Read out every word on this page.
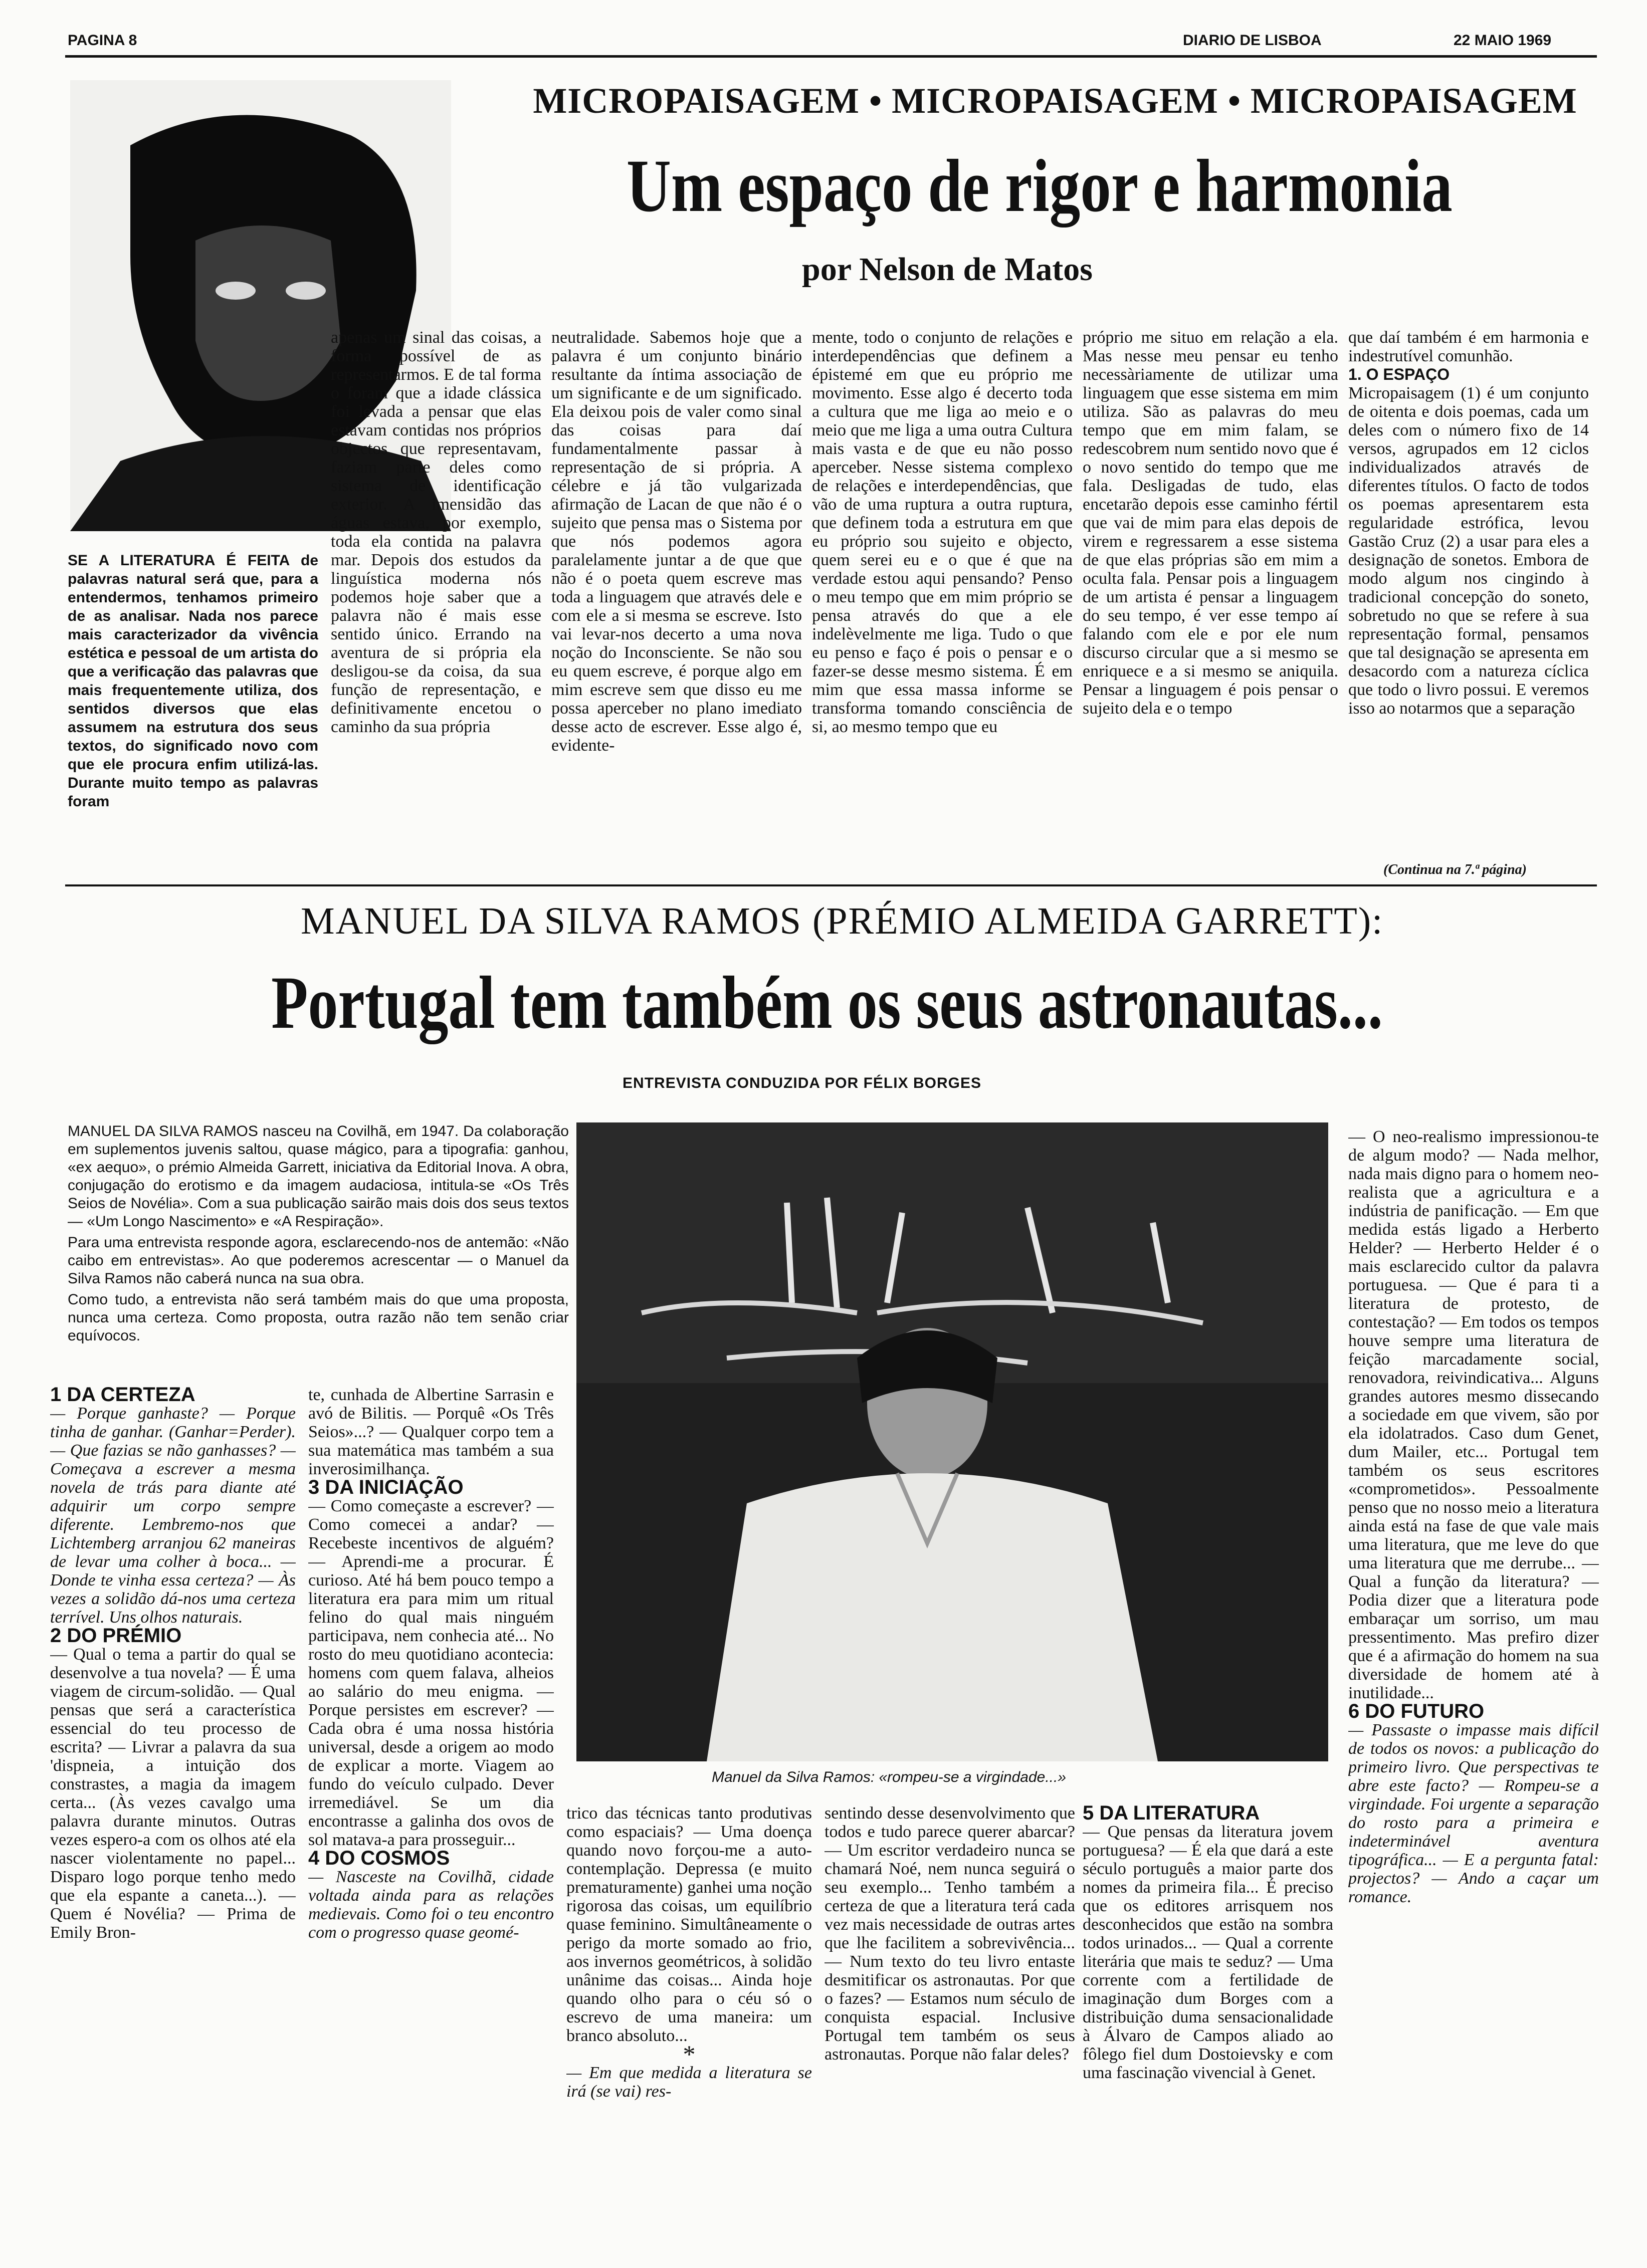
PAGINA 8	DIARIO DE LISBOA	22 MAIO 1969
MICROPAISAGEM • MICROPAISAGEM • MICROPAISAGEM
Um espaço de rigor e harmonia
por Nelson de Matos

SE A LITERATURA É FEITA de palavras natural será que, para a entendermos, tenhamos primeiro de as analisar. Nada nos parece mais caracterizador da vivência estética e pessoal de um artista do que a verificação das palavras que mais frequentemente utiliza, dos sentidos diversos que elas assumem na estrutura dos seus textos, do significado novo com que ele procura enfim utilizá-las. Durante muito tempo as palavras foram

apenas um sinal das coisas, a forma possível de as representarmos. E de tal forma o foram que a idade clássica foi levada a pensar que elas estavam contidas nos próprios objectos que representavam, faziam parte deles como sistema de identificação exterior. A imensidão das águas estava, por exemplo, toda ela contida na palavra mar. Depois dos estudos da linguística moderna nós podemos hoje saber que a palavra não é mais esse sentido único. Errando na aventura de si própria ela desligou-se da coisa, da sua função de representação, e definitivamente encetou o caminho da sua própria

neutralidade. Sabemos hoje que a palavra é um conjunto binário resultante da íntima associação de um significante e de um significado. Ela deixou pois de valer como sinal das coisas para daí fundamentalmente passar à representação de si própria. A célebre e já tão vulgarizada afirmação de Lacan de que não é o sujeito que pensa mas o Sistema por que nós podemos agora paralelamente juntar a de que que não é o poeta quem escreve mas toda a linguagem que através dele e com ele a si mesma se escreve. Isto vai levar-nos decerto a uma nova noção do Inconsciente. Se não sou eu quem escreve, é porque algo em mim escreve sem que disso eu me possa aperceber no plano imediato desse acto de escrever. Esse algo é, evidente-

mente, todo o conjunto de relações e interdependências que definem a épistemé em que eu próprio me movimento. Esse algo é decerto toda a cultura que me liga ao meio e o meio que me liga a uma outra Cultura mais vasta e de que eu não posso aperceber. Nesse sistema complexo de relações e interdependências, que vão de uma ruptura a outra ruptura, que definem toda a estrutura em que eu próprio sou sujeito e objecto, quem serei eu e o que é que na verdade estou aqui pensando? Penso o meu tempo que em mim próprio se pensa através do que a ele indelèvelmente me liga. Tudo o que eu penso e faço é pois o pensar e o fazer-se desse mesmo sistema. É em mim que essa massa informe se transforma tomando consciência de si, ao mesmo tempo que eu

próprio me situo em relação a ela. Mas nesse meu pensar eu tenho necessàriamente de utilizar uma linguagem que esse sistema em mim utiliza. São as palavras do meu tempo que em mim falam, se redescobrem num sentido novo que é o novo sentido do tempo que me fala. Desligadas de tudo, elas encetarão depois esse caminho fértil que vai de mim para elas depois de virem e regressarem a esse sistema de que elas próprias são em mim a oculta fala. Pensar pois a linguagem de um artista é pensar a linguagem do seu tempo, é ver esse tempo aí falando com ele e por ele num discurso circular que a si mesmo se enriquece e a si mesmo se aniquila. Pensar a linguagem é pois pensar o sujeito dela e o tempo

que daí também é em harmonia e indestrutível comunhão.

1. O ESPAÇO

Micropaisagem (1) é um conjunto de oitenta e dois poemas, cada um deles com o número fixo de 14 versos, agrupados em 12 ciclos individualizados através de diferentes títulos. O facto de todos os poemas apresentarem esta regularidade estrófica, levou Gastão Cruz (2) a usar para eles a designação de sonetos. Embora de modo algum nos cingindo à tradicional concepção do soneto, sobretudo no que se refere à sua representação formal, pensamos que tal designação se apresenta em desacordo com a natureza cíclica que todo o livro possui. E veremos isso ao notarmos que a separação

(Continua na 7.ª página)
MANUEL DA SILVA RAMOS (PRÉMIO ALMEIDA GARRETT):
Portugal tem também os seus astronautas...
ENTREVISTA CONDUZIDA POR FÉLIX BORGES

MANUEL DA SILVA RAMOS nasceu na Covilhã, em 1947. Da colaboração em suplementos juvenis saltou, quase mágico, para a tipografia: ganhou, «ex aequo», o prémio Almeida Garrett, iniciativa da Editorial Inova. A obra, conjugação do erotismo e da imagem audaciosa, intitula-se «Os Três Seios de Novélia». Com a sua publicação sairão mais dois dos seus textos — «Um Longo Nascimento» e «A Respiração».

Para uma entrevista responde agora, esclarecendo-nos de antemão: «Não caibo em entrevistas». Ao que poderemos acrescentar — o Manuel da Silva Ramos não caberá nunca na sua obra.

Como tudo, a entrevista não será também mais do que uma proposta, nunca uma certeza. Como proposta, outra razão não tem senão criar equívocos.

Manuel da Silva Ramos: «rompeu-se a virgindade...»

1 DA CERTEZA

— Porque ganhaste? — Porque tinha de ganhar. (Ganhar=Perder). — Que fazias se não ganhasses? — Começava a escrever a mesma novela de trás para diante até adquirir um corpo sempre diferente. Lembremo-nos que Lichtemberg arranjou 62 maneiras de levar uma colher à boca... — Donde te vinha essa certeza? — Às vezes a solidão dá-nos uma certeza terrível. Uns olhos naturais.

2 DO PRÉMIO

— Qual o tema a partir do qual se desenvolve a tua novela? — É uma viagem de circum-solidão. — Qual pensas que será a característica essencial do teu processo de escrita? — Livrar a palavra da sua 'dispneia, a intuição dos constrastes, a magia da imagem certa... (Às vezes cavalgo uma palavra durante minutos. Outras vezes espero-a com os olhos até ela nascer violentamente no papel... Disparo logo porque tenho medo que ela espante a caneta...). — Quem é Novélia? — Prima de Emily Bron-

te, cunhada de Albertine Sarrasin e avó de Bilitis. — Porquê «Os Três Seios»...? — Qualquer corpo tem a sua matemática mas também a sua inverosimilhança.

3 DA INICIAÇÃO

— Como começaste a escrever? — Como comecei a andar? — Recebeste incentivos de alguém? — Aprendi-me a procurar. É curioso. Até há bem pouco tempo a literatura era para mim um ritual felino do qual mais ninguém participava, nem conhecia até... No rosto do meu quotidiano acontecia: homens com quem falava, alheios ao salário do meu enigma. — Porque persistes em escrever? — Cada obra é uma nossa história universal, desde a origem ao modo de explicar a morte. Viagem ao fundo do veículo culpado. Dever irremediável. Se um dia encontrasse a galinha dos ovos de sol matava-a para prosseguir...

4 DO COSMOS

— Nasceste na Covilhã, cidade voltada ainda para as relações medievais. Como foi o teu encontro com o progresso quase geomé-

trico das técnicas tanto produtivas como espaciais? — Uma doença quando novo forçou-me a auto-contemplação. Depressa (e muito prematuramente) ganhei uma noção rigorosa das coisas, um equilíbrio quase feminino. Simultâneamente o perigo da morte somado ao frio, aos invernos geométricos, à solidão unânime das coisas... Ainda hoje quando olho para o céu só o escrevo de uma maneira: um branco absoluto...

*

— Em que medida a literatura se irá (se vai) res-

sentindo desse desenvolvimento que todos e tudo parece querer abarcar? — Um escritor verdadeiro nunca se chamará Noé, nem nunca seguirá o seu exemplo... Tenho também a certeza de que a literatura terá cada vez mais necessidade de outras artes que lhe facilitem a sobrevivência... — Num texto do teu livro entaste desmitificar os astronautas. Por que o fazes? — Estamos num século de conquista espacial. Inclusive Portugal tem também os seus astronautas. Porque não falar deles?

5 DA LITERATURA

— Que pensas da literatura jovem portuguesa? — É ela que dará a este século português a maior parte dos nomes da primeira fila... É preciso que os editores arrisquem nos desconhecidos que estão na sombra todos urinados... — Qual a corrente literária que mais te seduz? — Uma corrente com a fertilidade de imaginação dum Borges com a distribuição duma sensacionalidade à Álvaro de Campos aliado ao fôlego fiel dum Dostoievsky e com uma fascinação vivencial à Genet.

— O neo-realismo impressionou-te de algum modo? — Nada melhor, nada mais digno para o homem neo-realista que a agricultura e a indústria de panificação. — Em que medida estás ligado a Herberto Helder? — Herberto Helder é o mais esclarecido cultor da palavra portuguesa. — Que é para ti a literatura de protesto, de contestação? — Em todos os tempos houve sempre uma literatura de feição marcadamente social, renovadora, reivindicativa... Alguns grandes autores mesmo dissecando a sociedade em que vivem, são por ela idolatrados. Caso dum Genet, dum Mailer, etc... Portugal tem também os seus escritores «comprometidos». Pessoalmente penso que no nosso meio a literatura ainda está na fase de que vale mais uma literatura, que me leve do que uma literatura que me derrube... — Qual a função da literatura? — Podia dizer que a literatura pode embaraçar um sorriso, um mau pressentimento. Mas prefiro dizer que é a afirmação do homem na sua diversidade de homem até à inutilidade...

6 DO FUTURO

— Passaste o impasse mais difícil de todos os novos: a publicação do primeiro livro. Que perspectivas te abre este facto? — Rompeu-se a virgindade. Foi urgente a separação do rosto para a primeira e indeterminável aventura tipográfica... — E a pergunta fatal: projectos? — Ando a caçar um romance.
